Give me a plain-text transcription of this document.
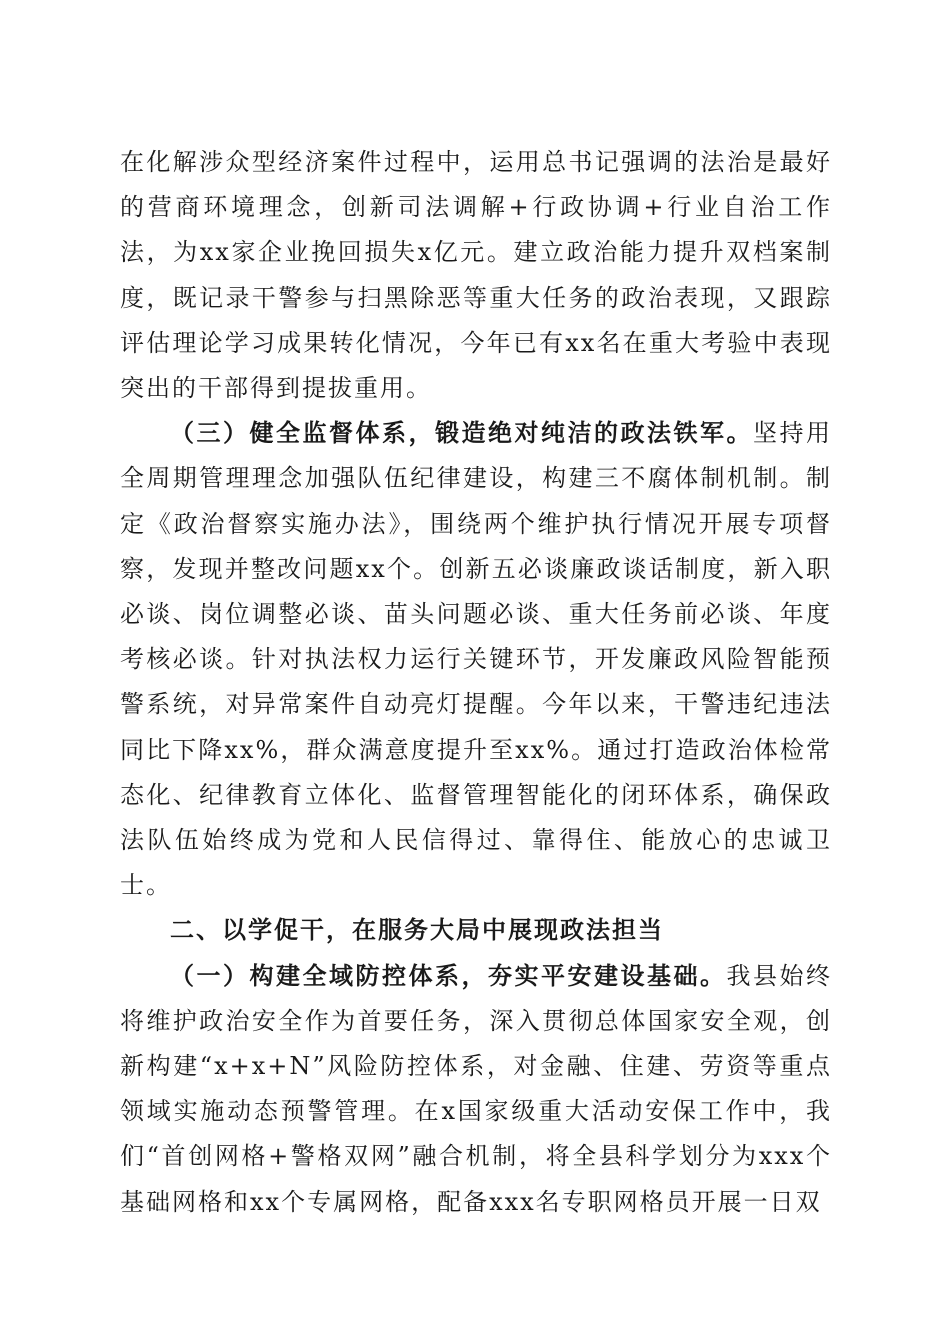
在化解涉众型经济案件过程中，运用总书记强调的法治是最好的营商环境理念，创新司法调解+行政协调+行业自治工作法，为xx家企业挽回损失x亿元。建立政治能力提升双档案制度，既记录干警参与扫黑除恶等重大任务的政治表现，又跟踪评估理论学习成果转化情况，今年已有xx名在重大考验中表现突出的干部得到提拔重用。

（三）健全监督体系，锻造绝对纯洁的政法铁军。坚持用全周期管理理念加强队伍纪律建设，构建三不腐体制机制。制定《政治督察实施办法》，围绕两个维护执行情况开展专项督察，发现并整改问题xx个。创新五必谈廉政谈话制度，新入职必谈、岗位调整必谈、苗头问题必谈、重大任务前必谈、年度考核必谈。针对执法权力运行关键环节，开发廉政风险智能预警系统，对异常案件自动亮灯提醒。今年以来，干警违纪违法同比下降xx%，群众满意度提升至xx%。通过打造政治体检常态化、纪律教育立体化、监督管理智能化的闭环体系，确保政法队伍始终成为党和人民信得过、靠得住、能放心的忠诚卫士。

二、以学促干，在服务大局中展现政法担当

（一）构建全域防控体系，夯实平安建设基础。我县始终将维护政治安全作为首要任务，深入贯彻总体国家安全观，创新构建“x+x+N”风险防控体系，对金融、住建、劳资等重点领域实施动态预警管理。在x国家级重大活动安保工作中，我们“首创网格+警格双网”融合机制，将全县科学划分为xxx个基础网格和xx个专属网格，配备xxx名专职网格员开展一日双
